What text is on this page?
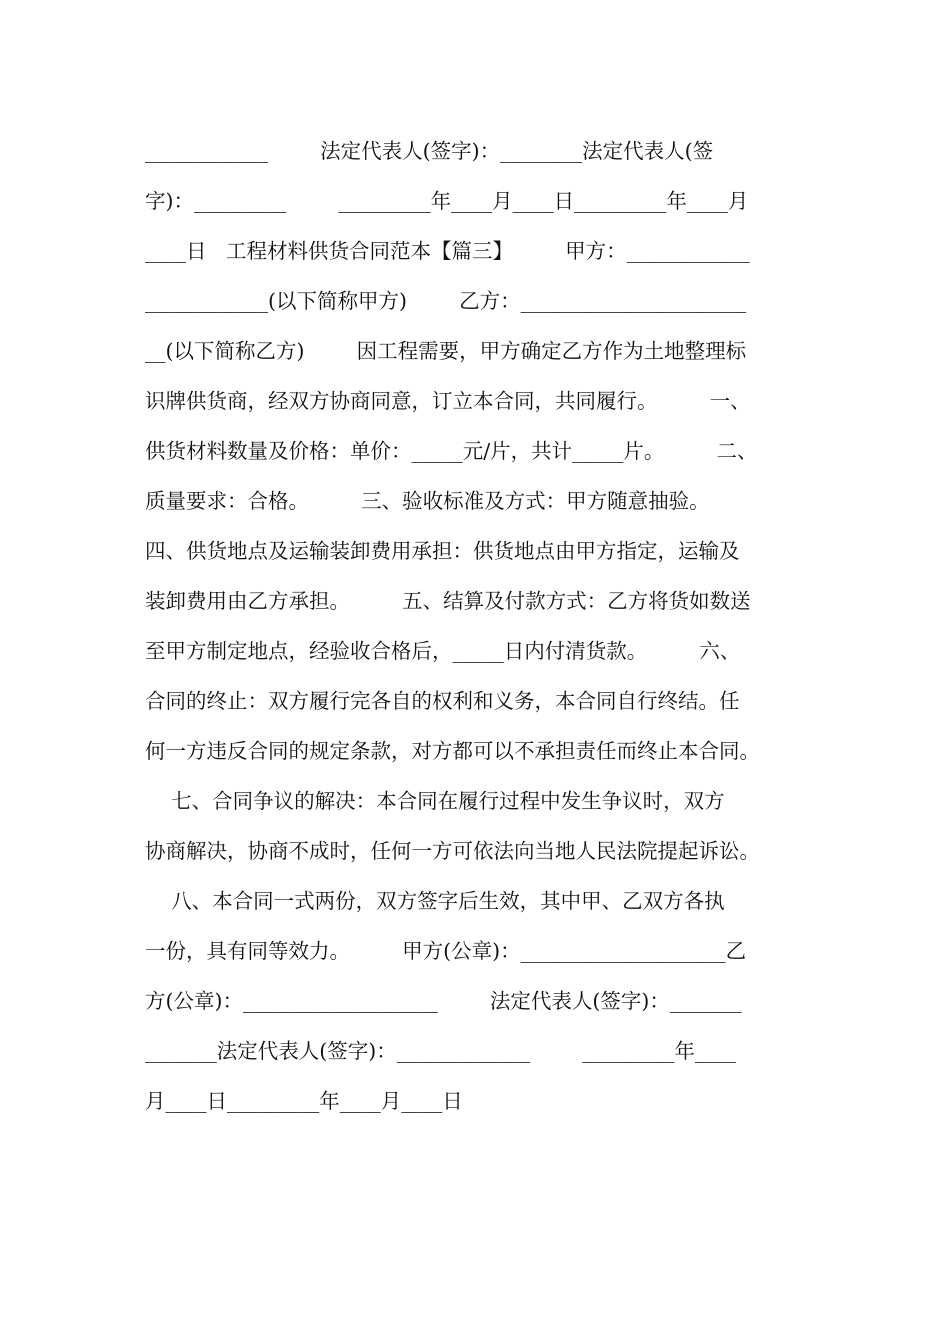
____________        法定代表人(签字)：________法定代表人(签
字)：_________        _________年____月____日_________年____月
____日   工程材料供货合同范本【篇三】        甲方：____________
____________(以下简称甲方)        乙方：______________________
__(以下简称乙方)        因工程需要，甲方确定乙方作为土地整理标
识牌供货商，经双方协商同意，订立本合同，共同履行。        一、
供货材料数量及价格：单价：_____元/片，共计_____片。        二、
质量要求：合格。        三、验收标准及方式：甲方随意抽验。
四、供货地点及运输装卸费用承担：供货地点由甲方指定，运输及
装卸费用由乙方承担。        五、结算及付款方式：乙方将货如数送
至甲方制定地点，经验收合格后，_____日内付清货款。        六、
合同的终止：双方履行完各自的权利和义务，本合同自行终结。任
何一方违反合同的规定条款，对方都可以不承担责任而终止本合同。
七、合同争议的解决：本合同在履行过程中发生争议时，双方
协商解决，协商不成时，任何一方可依法向当地人民法院提起诉讼。
八、本合同一式两份，双方签字后生效，其中甲、乙双方各执
一份，具有同等效力。        甲方(公章)：____________________乙
方(公章)：___________________        法定代表人(签字)：_______
_______法定代表人(签字)：_____________        _________年____
月____日_________年____月____日
